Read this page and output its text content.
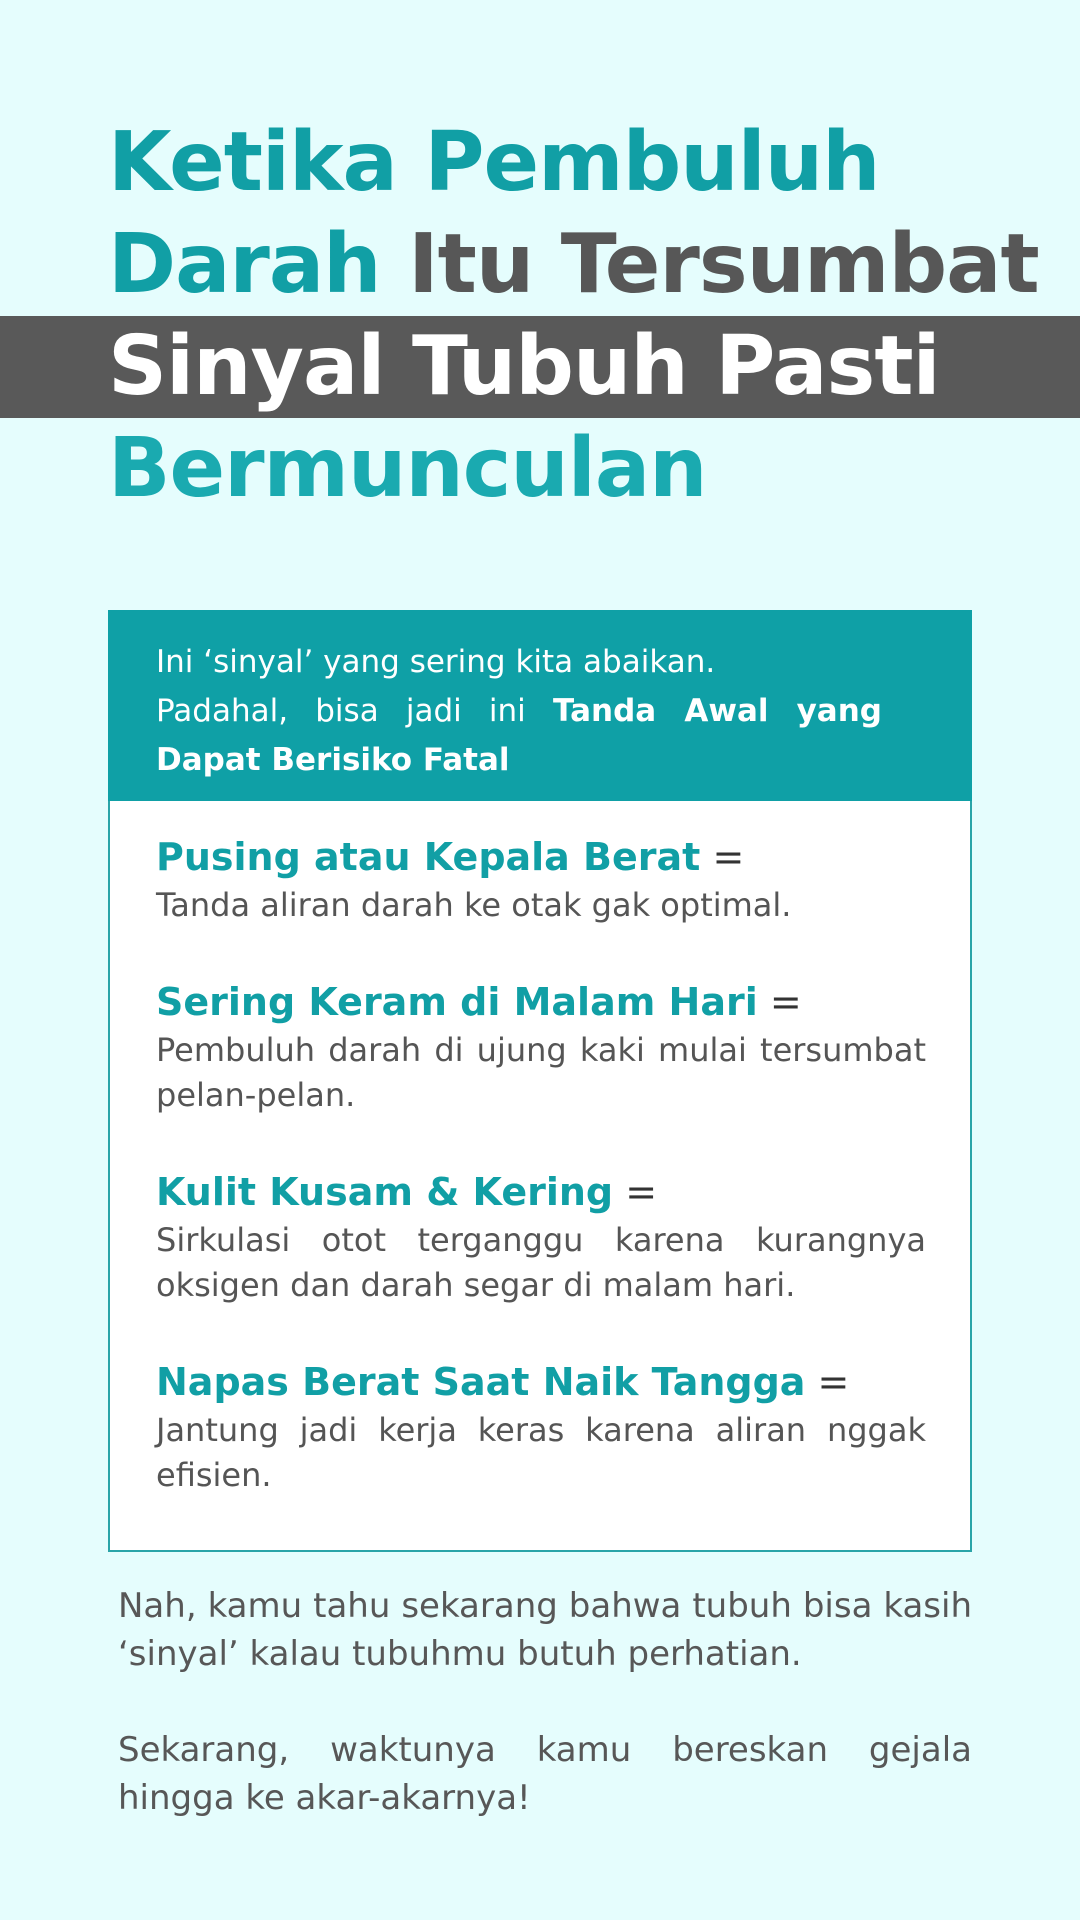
Ketika Pembuluh
Darah Itu Tersumbat
Sinyal Tubuh Pasti
Bermunculan
Ini ‘sinyal’ yang sering kita abaikan.
Padahal, bisa jadi ini Tanda Awal yang Dapat Berisiko Fatal
Pusing atau Kepala Berat =
Tanda aliran darah ke otak gak optimal.
Sering Keram di Malam Hari =
Pembuluh darah di ujung kaki mulai tersumbat pelan-pelan.
Kulit Kusam & Kering =
Sirkulasi otot terganggu karena kurangnya oksigen dan darah segar di malam hari.
Napas Berat Saat Naik Tangga =
Jantung jadi kerja keras karena aliran nggak efisien.

Nah, kamu tahu sekarang bahwa tubuh bisa kasih ‘sinyal’ kalau tubuhmu butuh perhatian.

Sekarang, waktunya kamu bereskan gejala hingga ke akar-akarnya!
